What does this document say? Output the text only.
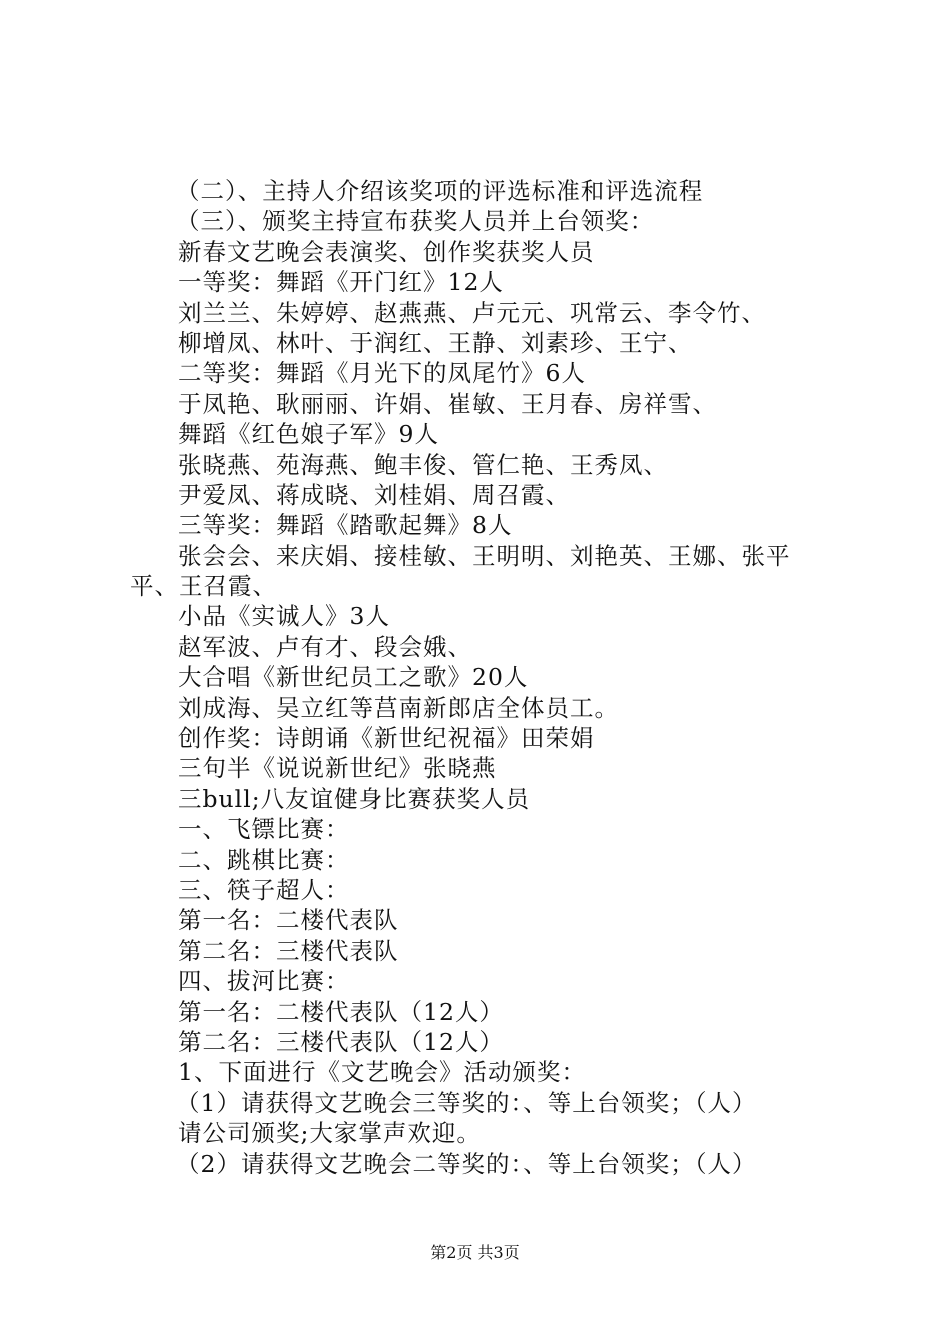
（二）、主持人介绍该奖项的评选标准和评选流程
（三）、颁奖主持宣布获奖人员并上台领奖：
新春文艺晚会表演奖、创作奖获奖人员
一等奖：舞蹈《开门红》12人
刘兰兰、朱婷婷、赵燕燕、卢元元、巩常云、李令竹、
柳增凤、林叶、于润红、王静、刘素珍、王宁、
二等奖：舞蹈《月光下的凤尾竹》6人
于凤艳、耿丽丽、许娟、崔敏、王月春、房祥雪、
舞蹈《红色娘子军》9人
张晓燕、苑海燕、鲍丰俊、管仁艳、王秀凤、
尹爱凤、蒋成晓、刘桂娟、周召霞、
三等奖：舞蹈《踏歌起舞》8人
张会会、来庆娟、接桂敏、王明明、刘艳英、王娜、张平
平、王召霞、
小品《实诚人》3人
赵军波、卢有才、段会娥、
大合唱《新世纪员工之歌》20人
刘成海、吴立红等莒南新郎店全体员工。
创作奖：诗朗诵《新世纪祝福》田荣娟
三句半《说说新世纪》张晓燕
三bull;八友谊健身比赛获奖人员
一、飞镖比赛：
二、跳棋比赛：
三、筷子超人：
第一名：二楼代表队
第二名：三楼代表队
四、拔河比赛：
第一名：二楼代表队（12人）
第二名：三楼代表队（12人）
1、下面进行《文艺晚会》活动颁奖：
（1）请获得文艺晚会三等奖的：、等上台领奖；（人）
请公司颁奖;大家掌声欢迎。
（2）请获得文艺晚会二等奖的：、等上台领奖；（人）
第2页 共3页
